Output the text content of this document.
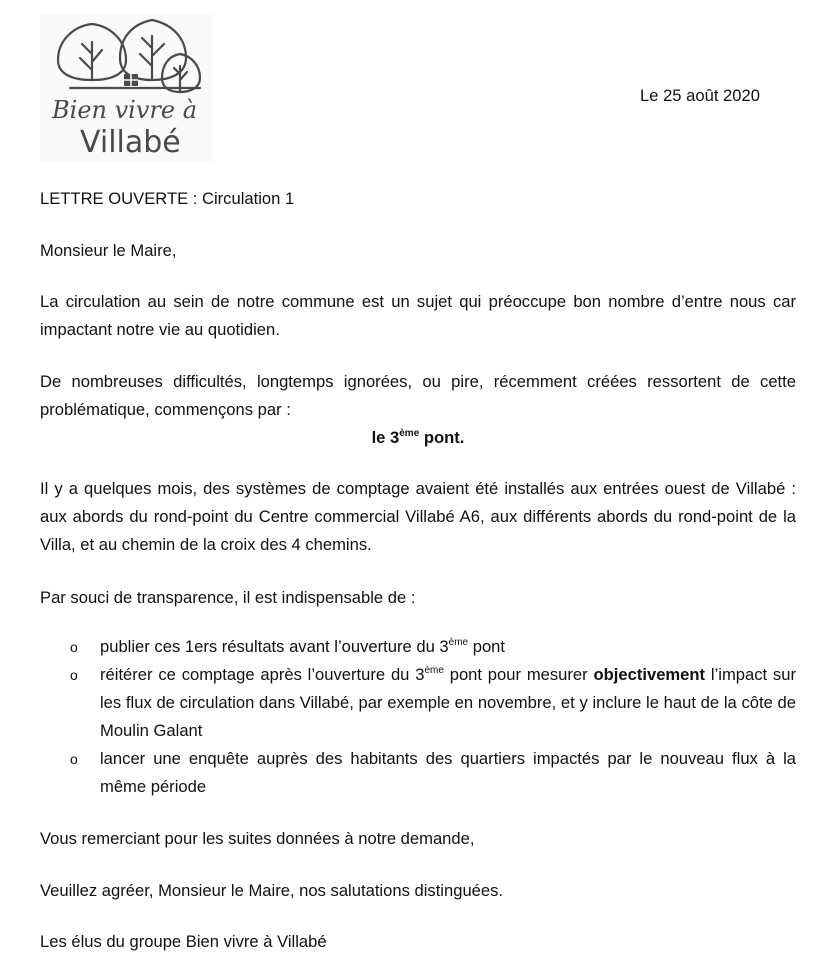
Bien vivre à
Villabé
Le 25 août 2020
LETTRE OUVERTE : Circulation 1
Monsieur le Maire,
La circulation au sein de notre commune est un sujet qui préoccupe bon nombre d’entre nous car impactant notre vie au quotidien.
De nombreuses difficultés, longtemps ignorées, ou pire, récemment créées ressortent de cette problématique, commençons par :
le 3ème pont.
Il y a quelques mois, des systèmes de comptage avaient été installés aux entrées ouest de Villabé : aux abords du rond-point du Centre commercial Villabé A6, aux différents abords du rond-point de la Villa, et au chemin de la croix des 4 chemins.
Par souci de transparence, il est indispensable de :
o publier ces 1ers résultats avant l’ouverture du 3ème pont
o réitérer ce comptage après l’ouverture du 3ème pont pour mesurer objectivement l’impact sur les flux de circulation dans Villabé, par exemple en novembre, et y inclure le haut de la côte de Moulin Galant
o lancer une enquête auprès des habitants des quartiers impactés par le nouveau flux à la même période
Vous remerciant pour les suites données à notre demande,
Veuillez agréer, Monsieur le Maire, nos salutations distinguées.
Les élus du groupe Bien vivre à Villabé
